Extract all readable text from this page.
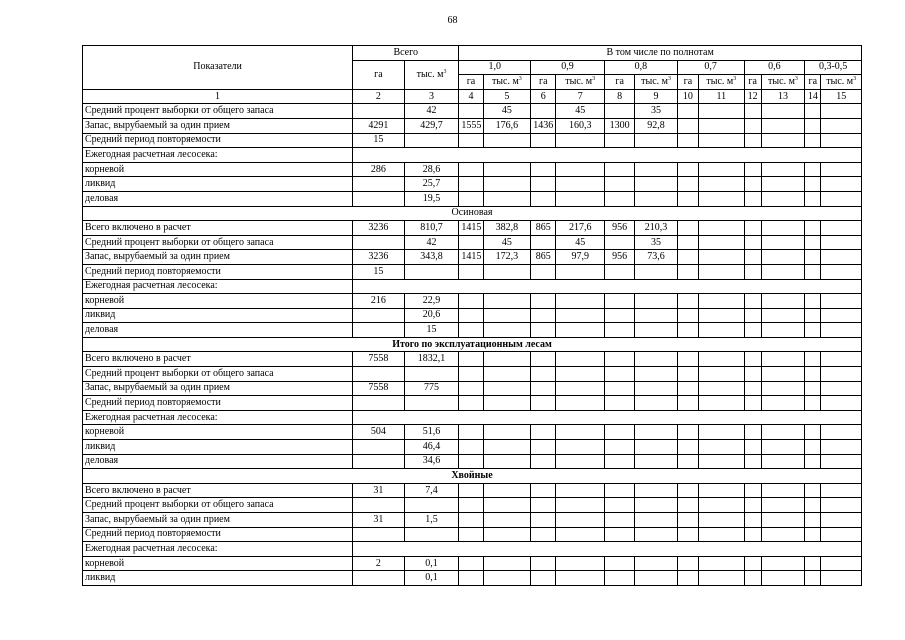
68
Показатели	Всего		В том числе по полнотам											
	га	тыс. $м^3$	1,0		0,9		0,8		0,7		0,6		0,3-0,5	
			га	тыс. $м^3$	га	тыс. $м^3$	га	тыс. $м^3$	га	тыс. $м^3$	га	тыс. $м^3$	га	тыс. $м^3$
1	2	3	4	5	6	7	8	9	10	11	12	13	14	15
Средний процент выборки от общего запаса		42		45		45		35						
Запас, вырубаемый за один прием	4291	429,7	1555	176,6	1436	160,3	1300	92,8						
Средний период повторяемости	15													
Ежегодная расчетная лесосека:														
корневой	286	28,6												
ликвид		25,7												
деловая		19,5												
Осиновая														
Всего включено в расчет	3236	810,7	1415	382,8	865	217,6	956	210,3						
Средний процент выборки от общего запаса		42		45		45		35						
Запас, вырубаемый за один прием	3236	343,8	1415	172,3	865	97,9	956	73,6						
Средний период повторяемости	15													
Ежегодная расчетная лесосека:														
корневой	216	22,9												
ликвид		20,6												
деловая		15												
Итого по эксплуатационным лесам														
Всего включено в расчет	7558	1832,1												
Средний процент выборки от общего запаса														
Запас, вырубаемый за один прием	7558	775												
Средний период повторяемости														
Ежегодная расчетная лесосека:														
корневой	504	51,6												
ликвид		46,4												
деловая		34,6												
Хвойные														
Всего включено в расчет	31	7,4												
Средний процент выборки от общего запаса														
Запас, вырубаемый за один прием	31	1,5												
Средний период повторяемости														
Ежегодная расчетная лесосека:														
корневой	2	0,1												
ликвид		0,1												
